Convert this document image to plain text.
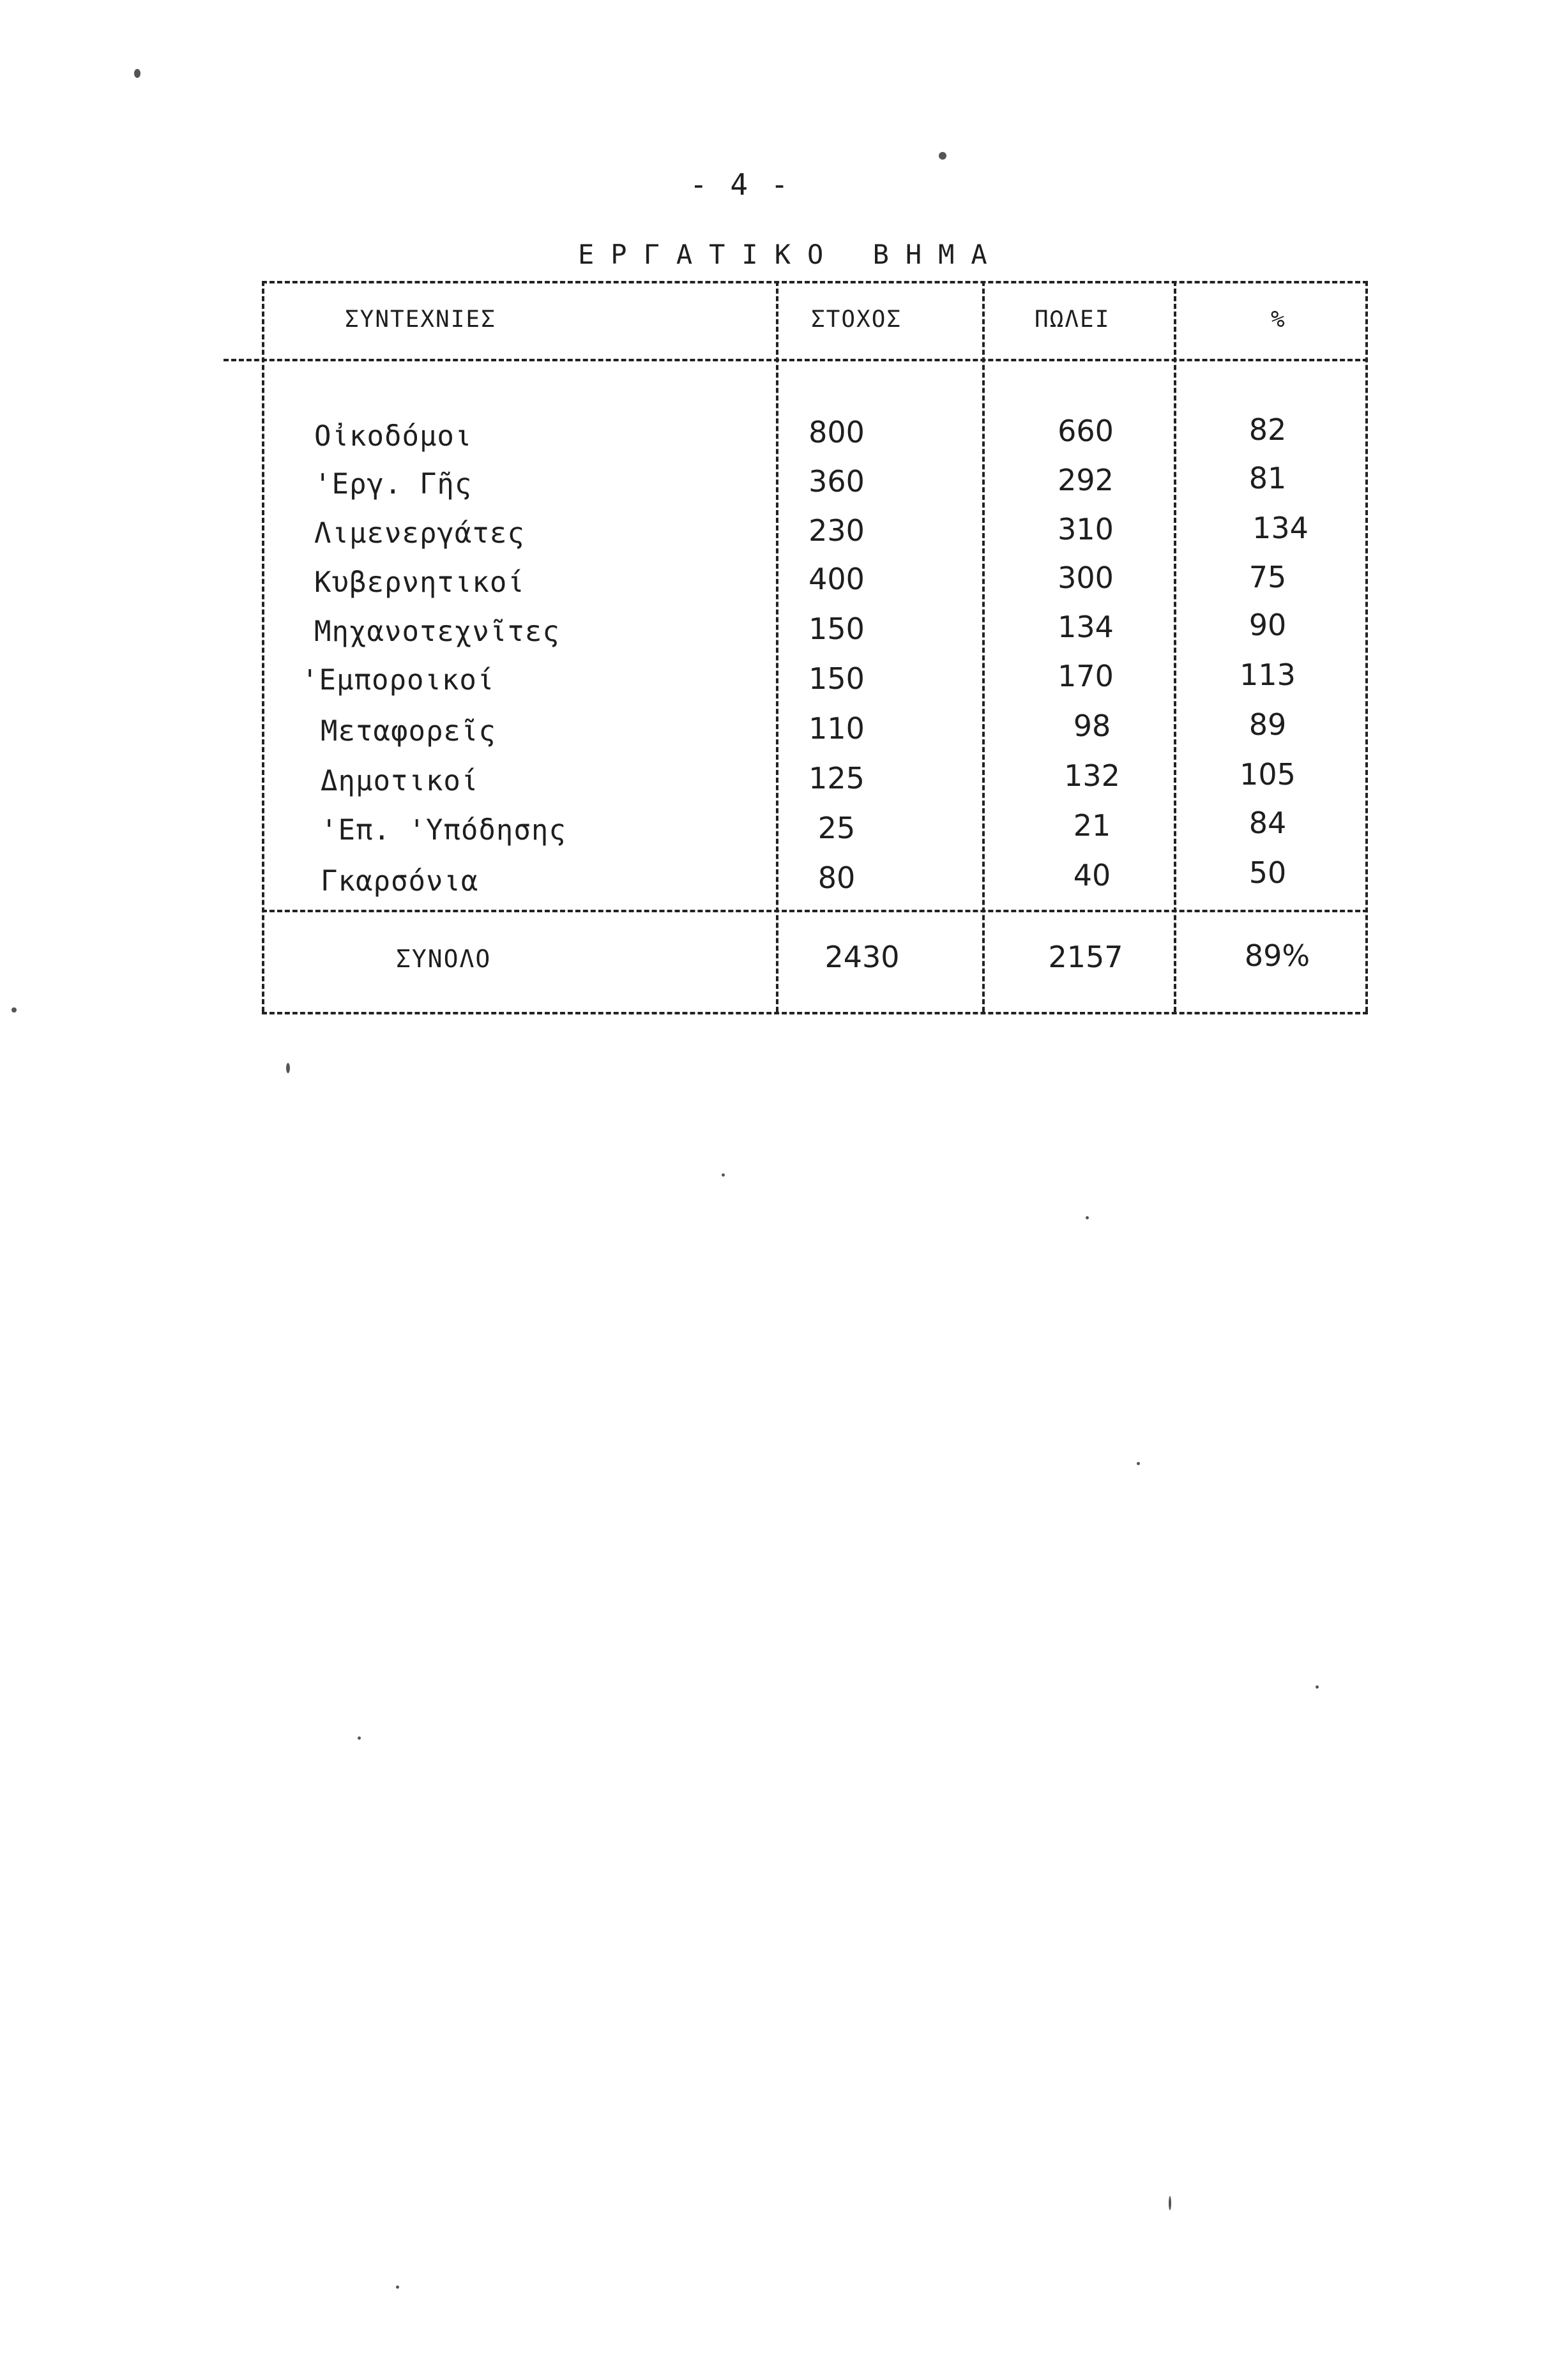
- 4 -
ΕΡΓΑΤΙΚΟ ΒΗΜΑ
ΣΥΝΤΕΧΝΙΕΣ	ΣΤΟΧΟΣ	ΠΩΛΕΙ	%
Οἰκοδόμοι	800	660	82
'Εργ. Γῆς	360	292	81
Λιμενεργάτες	230	310	134
Κυβερνητικοί	400	300	75
Μηχανοτεχνῖτες	150	134	90
'Εμποροικοί	150	170	113
Μεταφορεῖς	110	98	89
Δημοτικοί	125	132	105
'Επ. 'Υπόδησης	25	21	84
Γκαρσόνια	80	40	50
ΣΥΝΟΛΟ	2430	2157	89%
